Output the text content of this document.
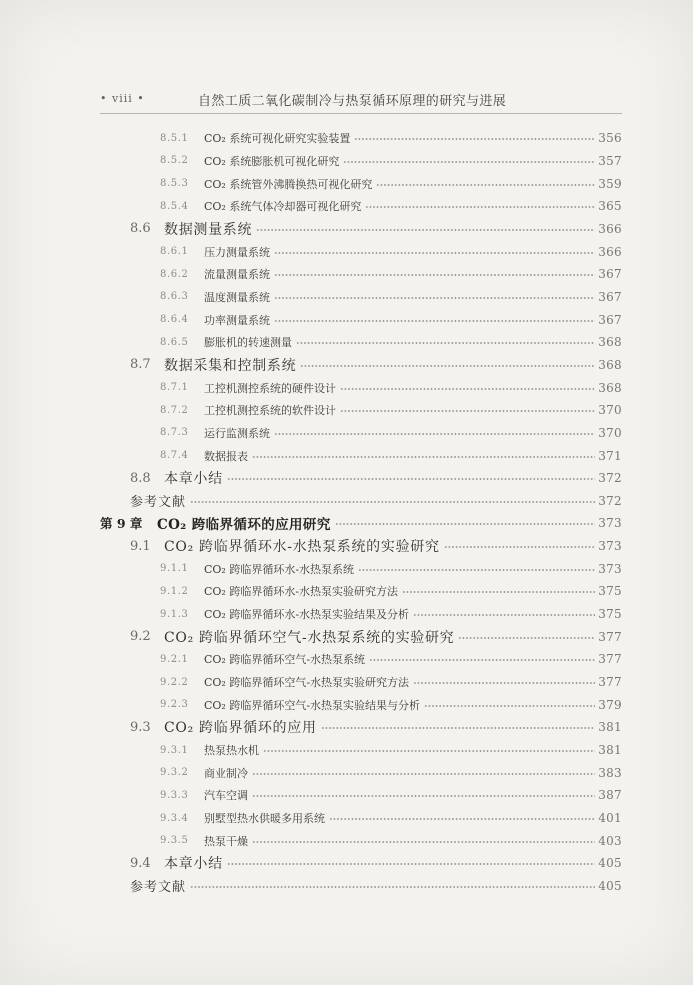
• viii •	自然工质二氧化碳制冷与热泵循环原理的研究与进展
8.5.1	CO₂ 系统可视化研究实验装置	356
8.5.2	CO₂ 系统膨胀机可视化研究	357
8.5.3	CO₂ 系统管外沸腾换热可视化研究	359
8.5.4	CO₂ 系统气体冷却器可视化研究	365
8.6 数据测量系统	366
8.6.1	压力测量系统	366
8.6.2	流量测量系统	367
8.6.3	温度测量系统	367
8.6.4	功率测量系统	367
8.6.5	膨胀机的转速测量	368
8.7 数据采集和控制系统	368
8.7.1	工控机测控系统的硬件设计	368
8.7.2	工控机测控系统的软件设计	370
8.7.3	运行监测系统	370
8.7.4	数据报表	371
8.8 本章小结	372
参考文献	372
第 9 章	CO₂ 跨临界循环的应用研究	373
9.1 CO₂ 跨临界循环水-水热泵系统的实验研究	373
9.1.1	CO₂ 跨临界循环水-水热泵系统	373
9.1.2	CO₂ 跨临界循环水-水热泵实验研究方法	375
9.1.3	CO₂ 跨临界循环水-水热泵实验结果及分析	375
9.2 CO₂ 跨临界循环空气-水热泵系统的实验研究	377
9.2.1	CO₂ 跨临界循环空气-水热泵系统	377
9.2.2	CO₂ 跨临界循环空气-水热泵实验研究方法	377
9.2.3	CO₂ 跨临界循环空气-水热泵实验结果与分析	379
9.3 CO₂ 跨临界循环的应用	381
9.3.1	热泵热水机	381
9.3.2	商业制冷	383
9.3.3	汽车空调	387
9.3.4	别墅型热水供暖多用系统	401
9.3.5	热泵干燥	403
9.4 本章小结	405
参考文献	405
